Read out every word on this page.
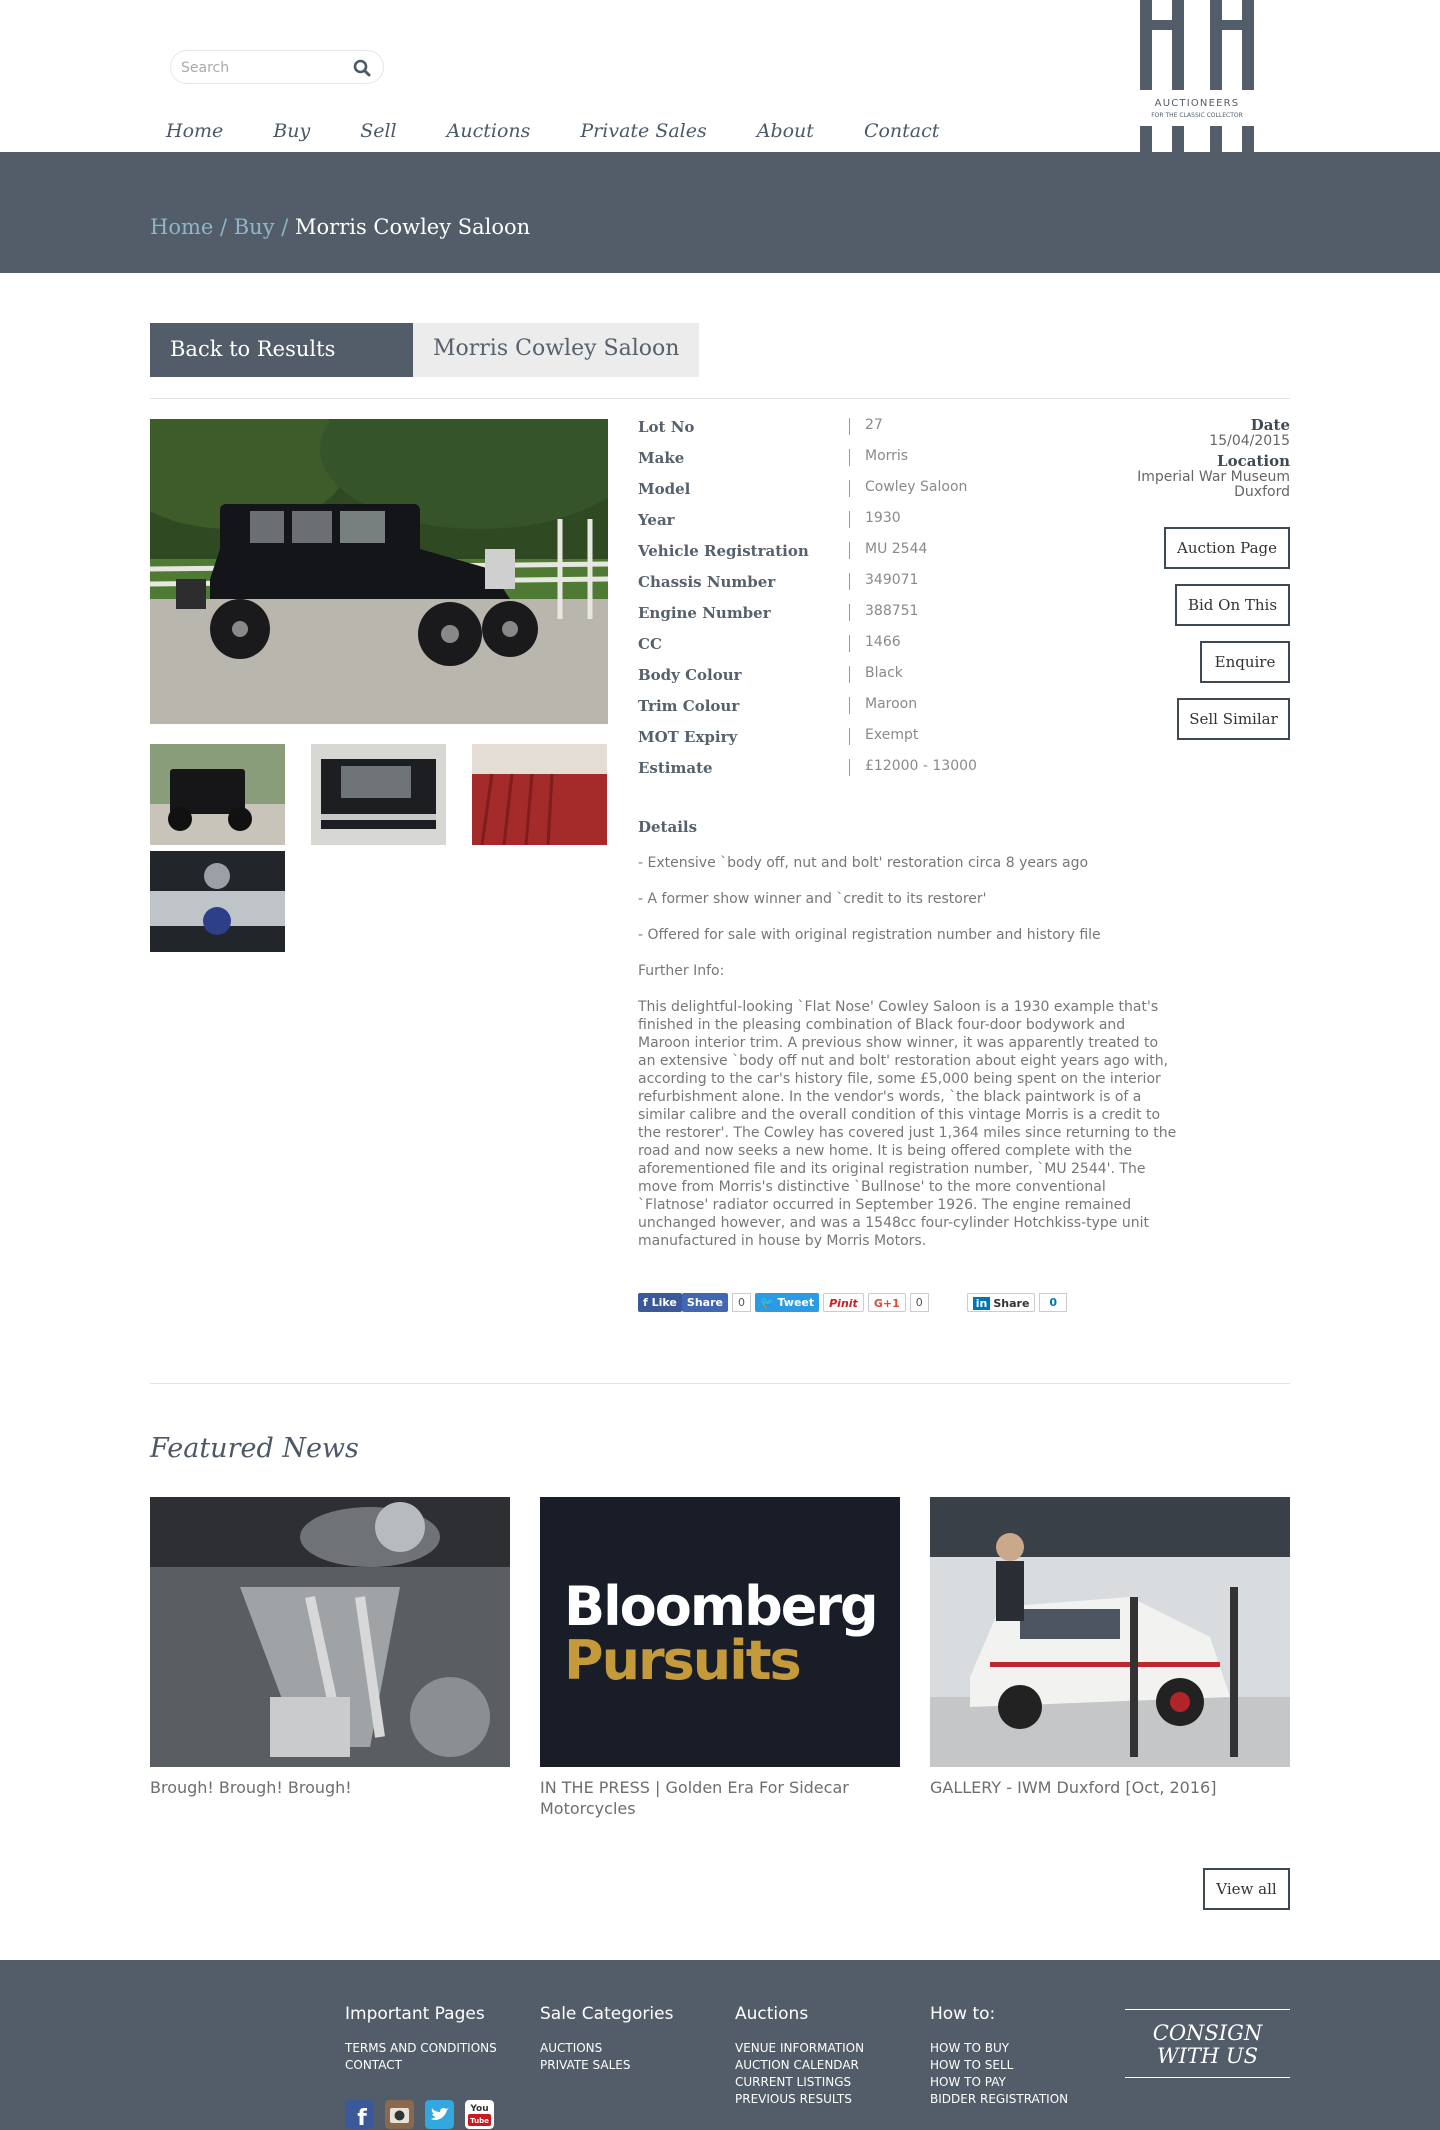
Search
Home	Buy	Sell	Auctions	Private Sales	About	Contact
AND
AUCTIONEERS
FOR THE CLASSIC COLLECTOR
Home / Buy / Morris Cowley Saloon
Back to Results	Morris Cowley Saloon
Lot No	27
Make	Morris
Model	Cowley Saloon
Year	1930
Vehicle Registration	MU 2544
Chassis Number	349071
Engine Number	388751
CC	1466
Body Colour	Black
Trim Colour	Maroon
MOT Expiry	Exempt
Estimate	£12000 - 13000
Date
15/04/2015
Location
Imperial War Museum
Duxford
Auction Page
Bid On This
Enquire
Sell Similar
Details

- Extensive `body off, nut and bolt' restoration circa 8 years ago

- A former show winner and `credit to its restorer'

- Offered for sale with original registration number and history file

Further Info:

This delightful-looking `Flat Nose' Cowley Saloon is a 1930 example that's finished in the pleasing combination of Black four-door bodywork and Maroon interior trim. A previous show winner, it was apparently treated to an extensive `body off nut and bolt' restoration about eight years ago with, according to the car's history file, some £5,000 being spent on the interior refurbishment alone. In the vendor's words, `the black paintwork is of a similar calibre and the overall condition of this vintage Morris is a credit to the restorer'. The Cowley has covered just 1,364 miles since returning to the road and now seeks a new home. It is being offered complete with the aforementioned file and its original registration number, `MU 2544'. The move from Morris's distinctive `Bullnose' to the more conventional `Flatnose' radiator occurred in September 1926. The engine remained unchanged however, and was a 1548cc four-cylinder Hotchkiss-type unit manufactured in house by Morris Motors.

f Like Share	0	🐦 Tweet	Pinit	G+1	0	in Share	0
Featured News
Brough! Brough! Brough!
Bloomberg
Pursuits
IN THE PRESS | Golden Era For Sidecar Motorcycles
GALLERY - IWM Duxford [Oct, 2016]
View all
Important Pages
TERMS AND CONDITIONS
CONTACT
Sale Categories
AUCTIONS
PRIVATE SALES
Auctions
VENUE INFORMATION
AUCTION CALENDAR
CURRENT LISTINGS
PREVIOUS RESULTS
How to:
HOW TO BUY
HOW TO SELL
HOW TO PAY
BIDDER REGISTRATION
CONSIGN
WITH US
f	You
Tube
